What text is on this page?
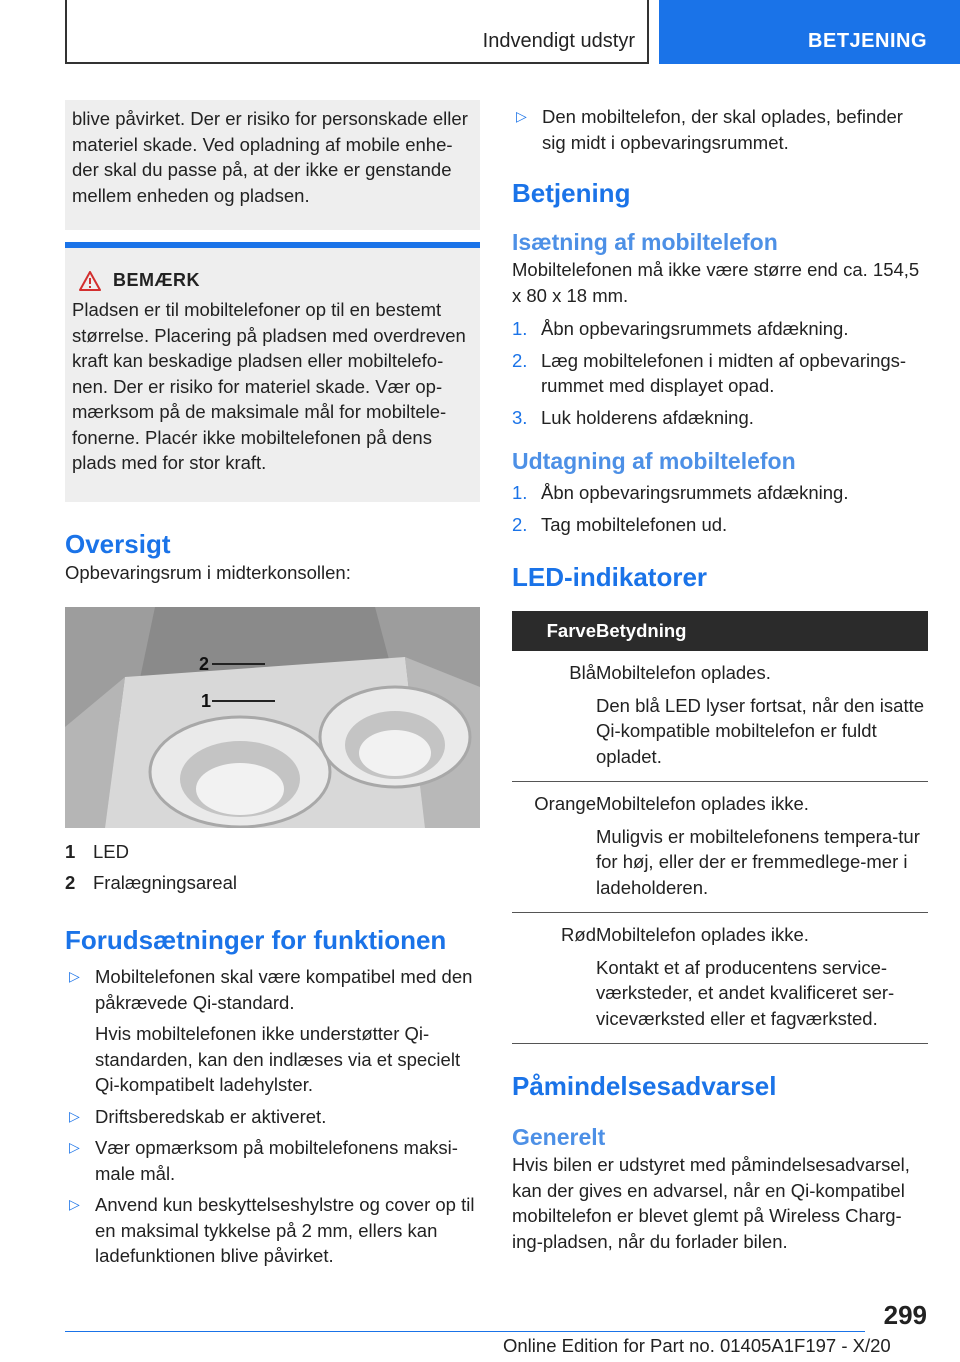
Indvendigt udstyr	BETJENING

blive påvirket. Der er risiko for personskade eller materiel skade. Ved opladning af mobile enhe-der skal du passe på, at der ikke er genstande mellem enheden og pladsen.

BEMÆRK

Pladsen er til mobiltelefoner op til en bestemt størrelse. Placering på pladsen med overdreven kraft kan beskadige pladsen eller mobiltelefo-nen. Der er risiko for materiel skade. Vær op-mærksom på de maksimale mål for mobiltele-fonerne. Placér ikke mobiltelefonen på dens plads med for stor kraft.

Oversigt

Opbevaringsrum i midterkonsollen:

2
1
1 LED
2 Fralægningsareal
Forudsætninger for funktionen
▷ Mobiltelefonen skal være kompatibel med den påkrævede Qi-standard.

Hvis mobiltelefonen ikke understøtter Qi-standarden, kan den indlæses via et specielt Qi-kompatibelt ladehylster.

▷ Driftsberedskab er aktiveret.

▷ Vær opmærksom på mobiltelefonens maksi-male mål.

▷ Anvend kun beskyttelseshylstre og cover op til en maksimal tykkelse på 2 mm, ellers kan ladefunktionen blive påvirket.

▷ Den mobiltelefon, der skal oplades, befinder sig midt i opbevaringsrummet.

Betjening
Isætning af mobiltelefon

Mobiltelefonen må ikke være større end ca. 154,5 x 80 x 18 mm.

1. Åbn opbevaringsrummets afdækning.
2. Læg mobiltelefonen i midten af opbevarings-rummet med displayet opad.
3. Luk holderens afdækning.
Udtagning af mobiltelefon
1. Åbn opbevaringsrummets afdækning.
2. Tag mobiltelefonen ud.
LED-indikatorer
Farve	Betydning
Blå	Mobiltelefon oplades.

Den blå LED lyser fortsat, når den isatte Qi-kompatible mobiltelefon er fuldt opladet.

Orange	Mobiltelefon oplades ikke.

Muligvis er mobiltelefonens tempera-tur for høj, eller der er fremmedlege-mer i ladeholderen.

Rød	Mobiltelefon oplades ikke.

Kontakt et af producentens service-værksteder, et andet kvalificeret ser-viceværksted eller et fagværksted.

Påmindelsesadvarsel
Generelt

Hvis bilen er udstyret med påmindelsesadvarsel, kan der gives en advarsel, når en Qi-kompatibel mobiltelefon er blevet glemt på Wireless Charg-ing-pladsen, når du forlader bilen.

299
Online Edition for Part no. 01405A1F197 - X/20
